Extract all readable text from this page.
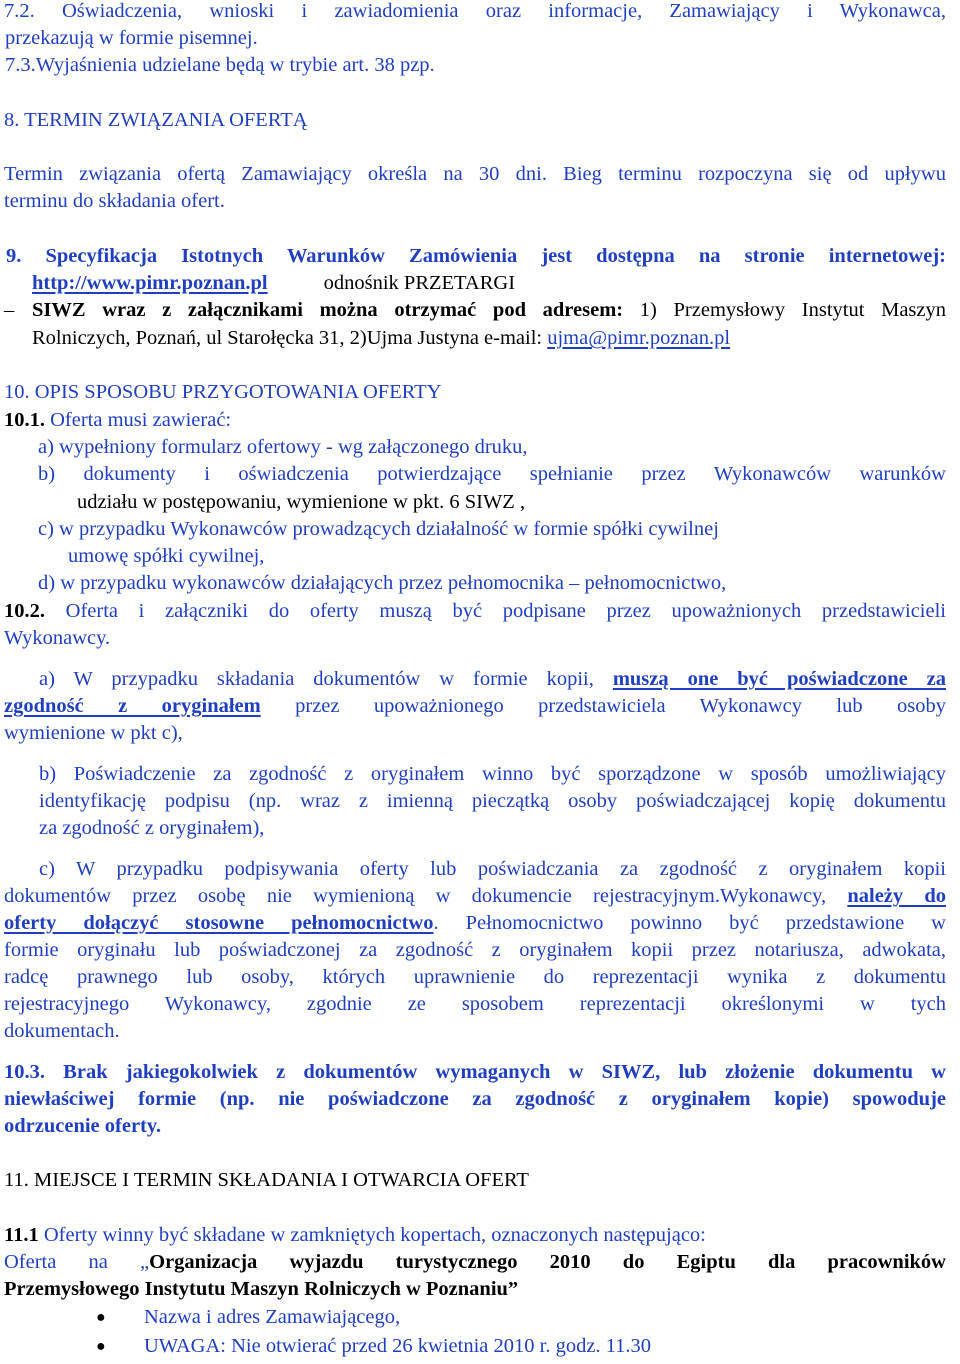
7.2. Oświadczenia, wnioski i zawiadomienia oraz informacje, Zamawiający i Wykonawca,

przekazują w formie pisemnej.

7.3.Wyjaśnienia udzielane będą w trybie art. 38 pzp.

8. TERMIN ZWIĄZANIA OFERTĄ

Termin związania ofertą Zamawiający określa na 30 dni. Bieg terminu rozpoczyna się od upływu

terminu do składania ofert.

9. Specyfikacja Istotnych Warunków Zamówienia jest dostępna na stronie internetowej:

http://www.pimr.poznan.pl	odnośnik PRZETARGI

– SIWZ wraz z załącznikami można otrzymać pod adresem: 1) Przemysłowy Instytut Maszyn

Rolniczych, Poznań, ul Starołęcka 31, 2)Ujma Justyna e-mail: ujma@pimr.poznan.pl

10. OPIS SPOSOBU PRZYGOTOWANIA OFERTY

10.1. Oferta musi zawierać:

a) wypełniony formularz ofertowy - wg załączonego druku,

b) dokumenty i oświadczenia potwierdzające spełnianie przez Wykonawców warunków

udziału w postępowaniu, wymienione w pkt. 6 SIWZ ,

c) w przypadku Wykonawców prowadzących działalność w formie spółki cywilnej

umowę spółki cywilnej,

d) w przypadku wykonawców działających przez pełnomocnika – pełnomocnictwo,

10.2. Oferta i załączniki do oferty muszą być podpisane przez upoważnionych przedstawicieli

Wykonawcy.

a) W przypadku składania dokumentów w formie kopii, muszą one być poświadczone za

zgodność z oryginałem przez upoważnionego przedstawiciela Wykonawcy lub osoby

wymienione w pkt c),

b) Poświadczenie za zgodność z oryginałem winno być sporządzone w sposób umożliwiający

identyfikację podpisu (np. wraz z imienną pieczątką osoby poświadczającej kopię dokumentu

za zgodność z oryginałem),

c) W przypadku podpisywania oferty lub poświadczania za zgodność z oryginałem kopii

dokumentów przez osobę nie wymienioną w dokumencie rejestracyjnym.Wykonawcy, należy do

oferty dołączyć stosowne pełnomocnictwo. Pełnomocnictwo powinno być przedstawione w

formie oryginału lub poświadczonej za zgodność z oryginałem kopii przez notariusza, adwokata,

radcę prawnego lub osoby, których uprawnienie do reprezentacji wynika z dokumentu

rejestracyjnego Wykonawcy, zgodnie ze sposobem reprezentacji określonymi w tych

dokumentach.

10.3. Brak jakiegokolwiek z dokumentów wymaganych w SIWZ, lub złożenie dokumentu w

niewłaściwej formie (np. nie poświadczone za zgodność z oryginałem kopie) spowoduje

odrzucenie oferty.

11. MIEJSCE I TERMIN SKŁADANIA I OTWARCIA OFERT

11.1 Oferty winny być składane w zamkniętych kopertach, oznaczonych następująco:

Oferta na „Organizacja wyjazdu turystycznego 2010 do Egiptu dla pracowników

Przemysłowego Instytutu Maszyn Rolniczych w Poznaniu”

● Nazwa i adres Zamawiającego,
● UWAGA: Nie otwierać przed 26 kwietnia 2010 r. godz. 11.30
